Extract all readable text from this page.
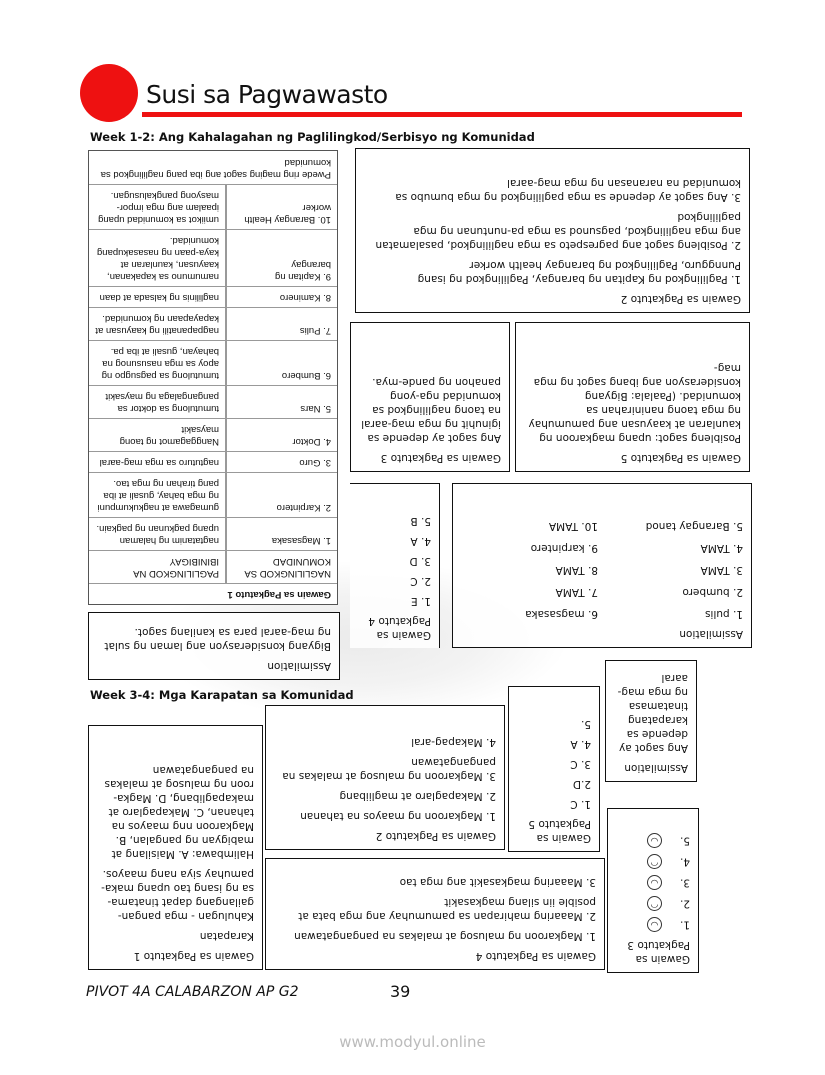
Susi sa Pagwawasto
Week 1-2: Ang Kahalagahan ng Paglilingkod/Serbisyo ng Komunidad
Gawain sa Pagkatuto 1
NAGLILINGKOD SA KOMUNIDAD
PAGLILINGKOD NA IBINIBIGAY
1. Magsasaka
nagtatanim ng halaman upang pagkunan ng pagkain.
2. Karpintero
gumagawa at nagkukumpuni ng mga bahay, gusali at iba pang tirahan ng mga tao.
3. Guro
nagtuturo sa mga mag-aaral
4. Doktor
Nanggagamot ng taong maysakit
5. Nars
tumutulong sa doktor sa pangangalaga ng maysakit
6. Bumbero
tumutulong sa pagsugpo ng apoy sa mga nasusunog na bahayan, gusali at iba pa.
7. Pulis
nagpapanatili ng kaayusan at kapayapaan ng komunidad.
8. Kaminero
naglilinis ng kalsada at daan
9. Kapitan ng barangay
namumuno sa kapakanan, kaayusan, kaunlaran at kaya-paan ng nasasakupang komunidad.
10. Barangay Health worker
umiikot sa komunidad upang ipaalam ang mga impor-masyong pangkalusugan.
Pwede ring maging sagot ang iba pang naglilingkod sa komunidad

Gawain sa Pagkatuto 2

1. Paglilingkod ng Kapitan ng barangay, Paglilingkod ng isang Punngguro, Paglilingkod ng barangay health worker

2. Posibleng sagot ang pagrespeto sa mga naglilingkod, pasalamatan ang mga naglilingkod, pagsunod sa mga pa-nuntunan ng mga paglilingkod

3. Ang sagot ay depende sa mga paglilingkod ng mga bumubo sa komunidad na naranasan ng mga mag-aaral

Gawain sa Pagkatuto 5

Posibleng sagot: upang magkaroon ng kaunlaran at kaayusan ang pamumuhay ng mga taong naninirahan sa komunidad. (Paalala: Bigyang konsiderasyon ang ibang sagot ng mga mag-

Gawain sa Pagkatuto 3

Ang sagot ay depende sa iginuhit ng mga mag-aaral na taong naglilingkod sa komunidad nga-yong panahon ng pande-mya.

Assimilation

1. pulis
6. magsasaka
2. bumbero
7. TAMA
3. TAMA
8. TAMA
4. TAMA
9. karpintero
5. Barangay tanod
10. TAMA

Gawain sa Pagkatuto 4

1. E

2. C

3. D

4. A

5. B

Assimilation

Bigyang konsiderasyon ang laman ng sulat ng mag-aaral para sa kanilang sagot.

Week 3-4: Mga Karapatan sa Komunidad

Gawain sa Pagkatuto 1

Karapatan

Kahulugan - mga pangan-gailangang dapat tinatama-sa ng isang tao upang maka-pamuhay siya nang maayos.

Halimbawa: A. Maisilang at mabigyan ng pangalan, B. Magkaroon nng maayos na tahanan, C. Makapaglaro at makapaglibang, D. Magka-roon ng malusog at malakas na pangangatawan

Gawain sa Pagkatuto 2

1. Magkaroon ng maayos na tahanan

2. Makapaglaro at magliibang

3. Magkaroon ng malusog at malakas na pangangatawan

4. Makapag-aral

Gawain sa Pagkatuto 4

1. Magkaroon ng malusog at malakas na pangangatawan

2. Maaaring mahirapan sa pamumuhay ang mga bata at posible iin silang magkasakit

3. Maaaring magkasakit ang mga tao

Gawain sa Pagkatuto 5

1. C

2.D

3. C

4. A

5.

Assimilation

Ang sagot ay depende sa karapatang tinatamasa ng mga mag-aaral

Gawain sa Pagkatuto 3

1.◡

2.◠

3.◡

4.◠

5.◡

PIVOT 4A CALABARZON AP G2	39
www.modyul.online
